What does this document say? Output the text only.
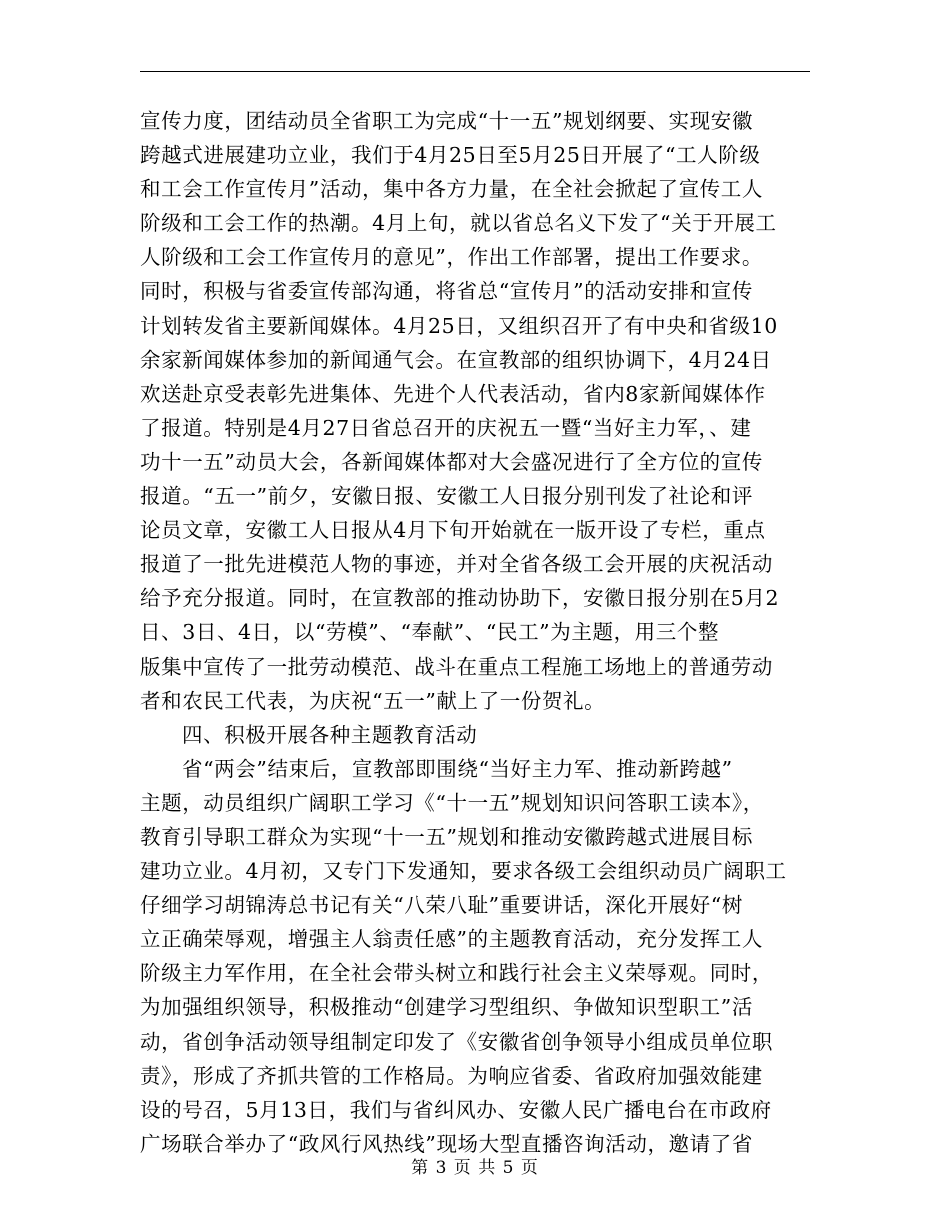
宣传力度，团结动员全省职工为完成“十一五”规划纲要、实现安徽
跨越式进展建功立业，我们于4月25日至5月25日开展了“工人阶级
和工会工作宣传月”活动，集中各方力量，在全社会掀起了宣传工人
阶级和工会工作的热潮。4月上旬，就以省总名义下发了“关于开展工
人阶级和工会工作宣传月的意见”，作出工作部署，提出工作要求。
同时，积极与省委宣传部沟通，将省总“宣传月”的活动安排和宣传
计划转发省主要新闻媒体。4月25日，又组织召开了有中央和省级10
余家新闻媒体参加的新闻通气会。在宣教部的组织协调下，4月24日
欢送赴京受表彰先进集体、先进个人代表活动，省内8家新闻媒体作
了报道。特别是4月27日省总召开的庆祝五一暨“当好主力军，、建
功十一五”动员大会，各新闻媒体都对大会盛况进行了全方位的宣传
报道。“五一”前夕，安徽日报、安徽工人日报分别刊发了社论和评
论员文章，安徽工人日报从4月下旬开始就在一版开设了专栏，重点
报道了一批先进模范人物的事迹，并对全省各级工会开展的庆祝活动
给予充分报道。同时，在宣教部的推动协助下，安徽日报分别在5月2
日、3日、4日，以“劳模”、“奉献”、“民工”为主题，用三个整
版集中宣传了一批劳动模范、战斗在重点工程施工场地上的普通劳动
者和农民工代表，为庆祝“五一”献上了一份贺礼。
四、积极开展各种主题教育活动
省“两会”结束后，宣教部即围绕“当好主力军、推动新跨越”
主题，动员组织广阔职工学习《“十一五”规划知识问答职工读本》，
教育引导职工群众为实现“十一五”规划和推动安徽跨越式进展目标
建功立业。4月初，又专门下发通知，要求各级工会组织动员广阔职工
仔细学习胡锦涛总书记有关“八荣八耻”重要讲话，深化开展好“树
立正确荣辱观，增强主人翁责任感”的主题教育活动，充分发挥工人
阶级主力军作用，在全社会带头树立和践行社会主义荣辱观。同时，
为加强组织领导，积极推动“创建学习型组织、争做知识型职工”活
动，省创争活动领导组制定印发了《安徽省创争领导小组成员单位职
责》，形成了齐抓共管的工作格局。为响应省委、省政府加强效能建
设的号召，5月13日，我们与省纠风办、安徽人民广播电台在市政府
广场联合举办了“政风行风热线”现场大型直播咨询活动，邀请了省
第 3 页 共 5 页
